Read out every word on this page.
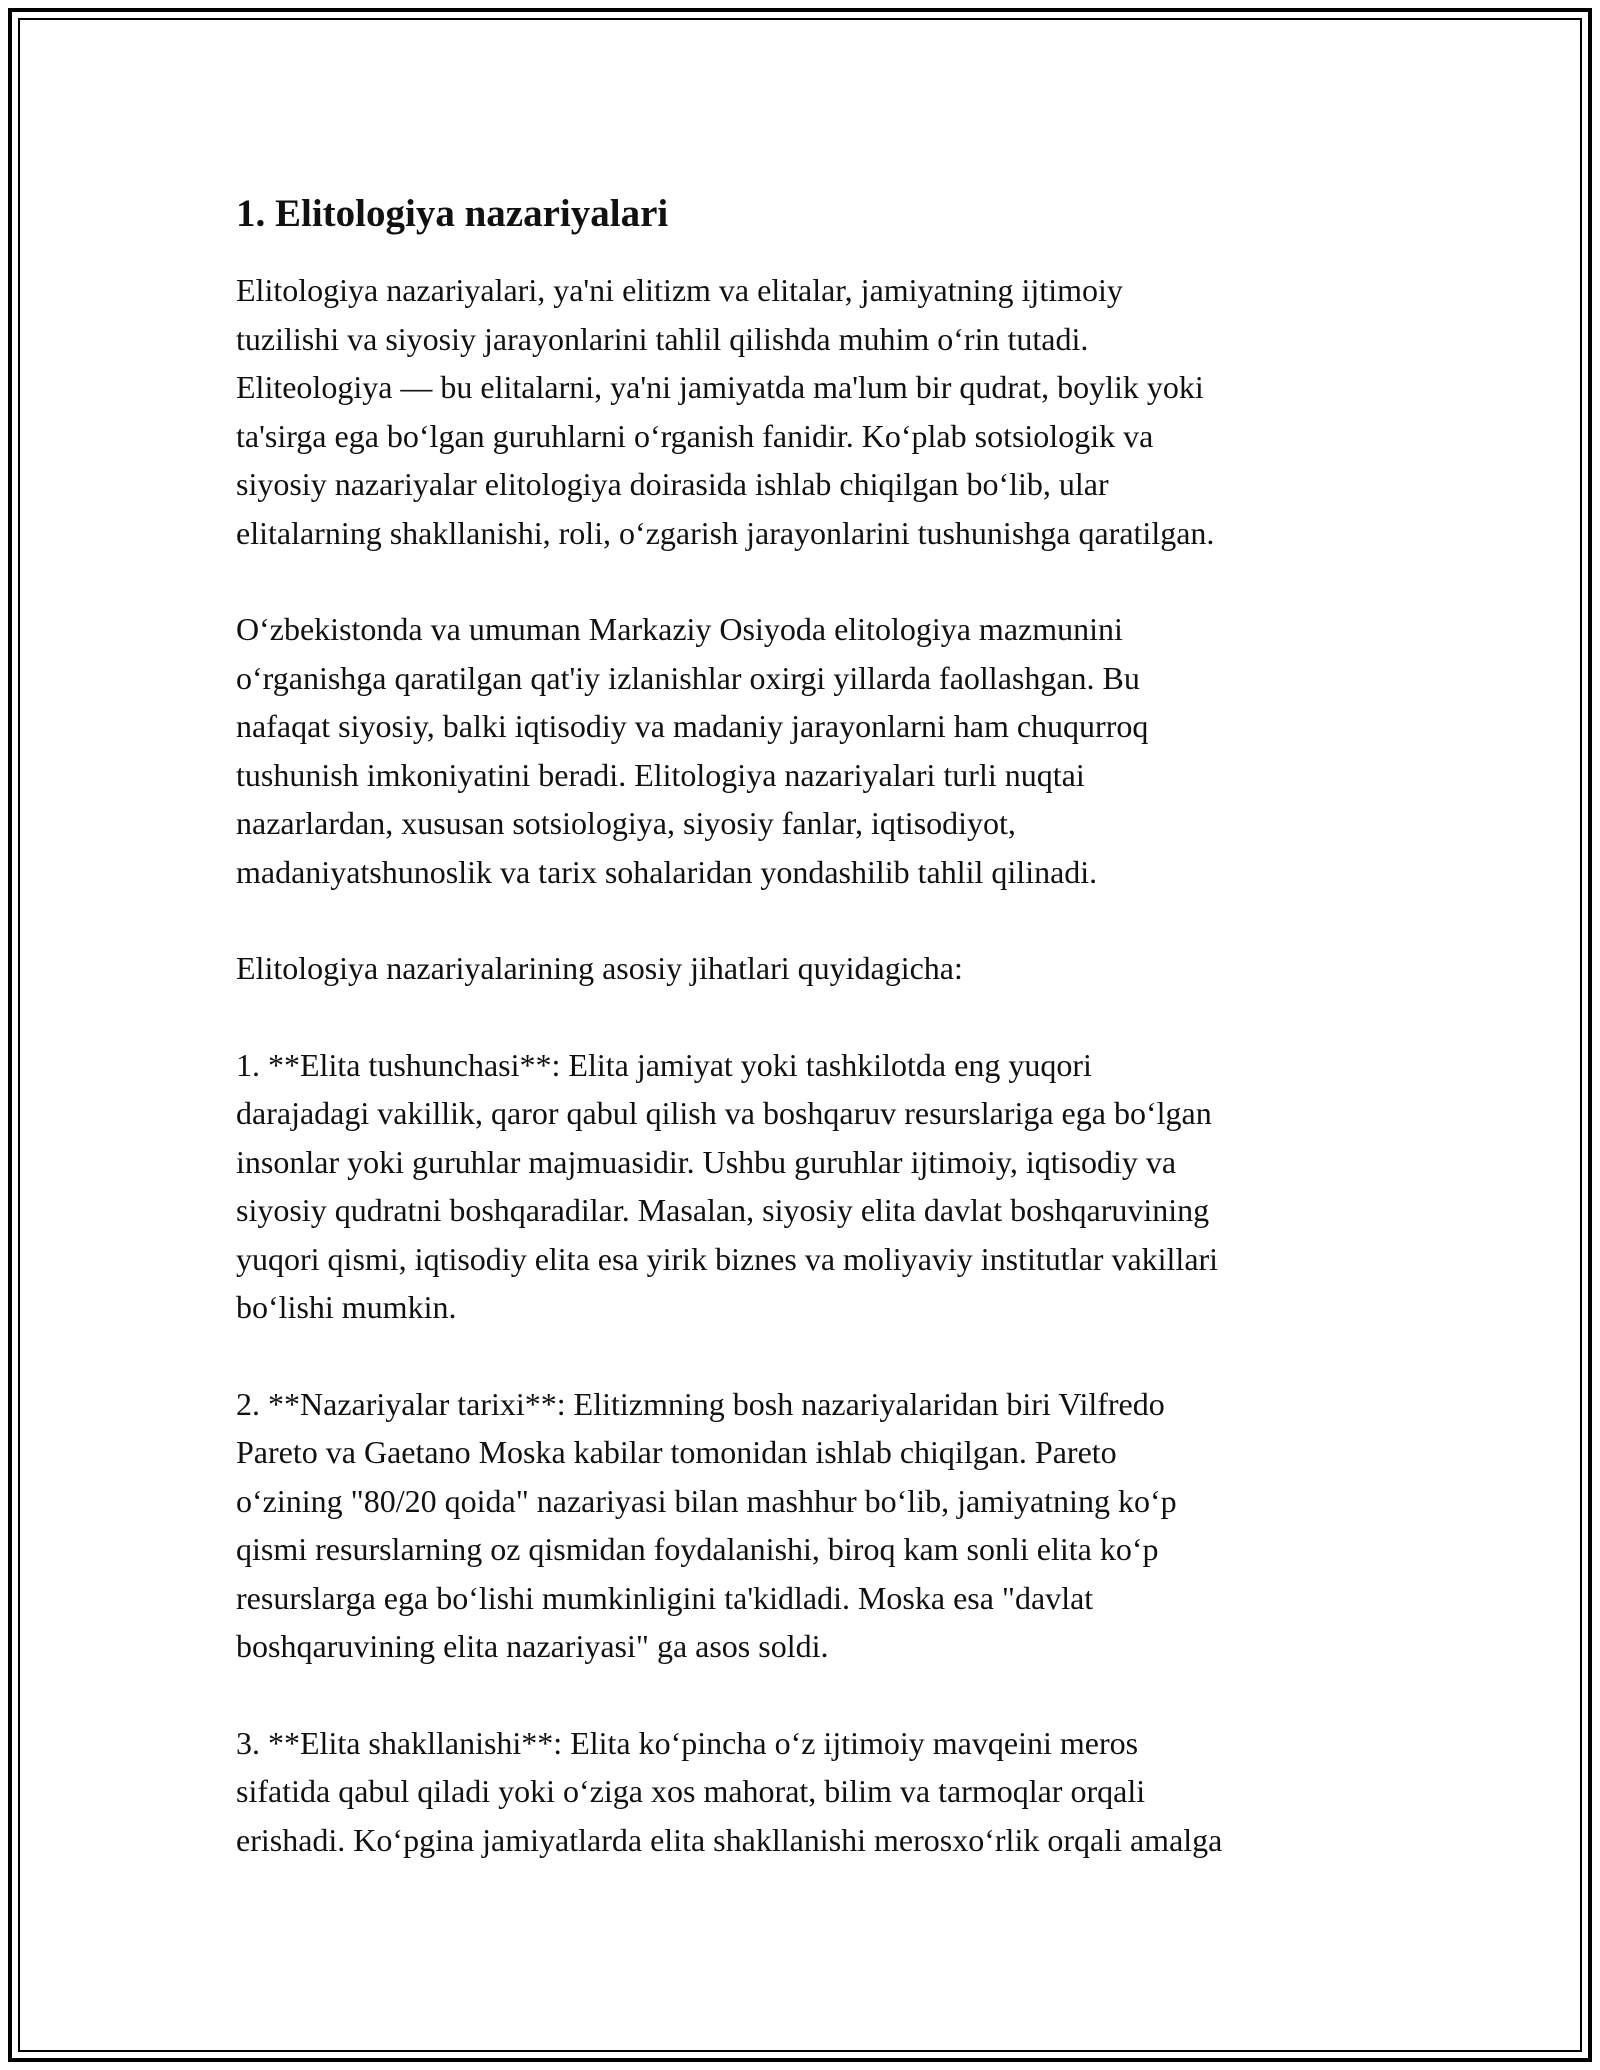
1. Elitologiya nazariyalari

Elitologiya nazariyalari, ya'ni elitizm va elitalar, jamiyatning ijtimoiy
tuzilishi va siyosiy jarayonlarini tahlil qilishda muhim o‘rin tutadi.
Eliteologiya — bu elitalarni, ya'ni jamiyatda ma'lum bir qudrat, boylik yoki
ta'sirga ega bo‘lgan guruhlarni o‘rganish fanidir. Ko‘plab sotsiologik va
siyosiy nazariyalar elitologiya doirasida ishlab chiqilgan bo‘lib, ular
elitalarning shakllanishi, roli, o‘zgarish jarayonlarini tushunishga qaratilgan.

O‘zbekistonda va umuman Markaziy Osiyoda elitologiya mazmunini
o‘rganishga qaratilgan qat'iy izlanishlar oxirgi yillarda faollashgan. Bu
nafaqat siyosiy, balki iqtisodiy va madaniy jarayonlarni ham chuqurroq
tushunish imkoniyatini beradi. Elitologiya nazariyalari turli nuqtai
nazarlardan, xususan sotsiologiya, siyosiy fanlar, iqtisodiyot,
madaniyatshunoslik va tarix sohalaridan yondashilib tahlil qilinadi.

Elitologiya nazariyalarining asosiy jihatlari quyidagicha:

1. **Elita tushunchasi**: Elita jamiyat yoki tashkilotda eng yuqori
darajadagi vakillik, qaror qabul qilish va boshqaruv resurslariga ega bo‘lgan
insonlar yoki guruhlar majmuasidir. Ushbu guruhlar ijtimoiy, iqtisodiy va
siyosiy qudratni boshqaradilar. Masalan, siyosiy elita davlat boshqaruvining
yuqori qismi, iqtisodiy elita esa yirik biznes va moliyaviy institutlar vakillari
bo‘lishi mumkin.

2. **Nazariyalar tarixi**: Elitizmning bosh nazariyalaridan biri Vilfredo
Pareto va Gaetano Moska kabilar tomonidan ishlab chiqilgan. Pareto
o‘zining "80/20 qoida" nazariyasi bilan mashhur bo‘lib, jamiyatning ko‘p
qismi resurslarning oz qismidan foydalanishi, biroq kam sonli elita ko‘p
resurslarga ega bo‘lishi mumkinligini ta'kidladi. Moska esa "davlat
boshqaruvining elita nazariyasi" ga asos soldi.

3. **Elita shakllanishi**: Elita ko‘pincha o‘z ijtimoiy mavqeini meros
sifatida qabul qiladi yoki o‘ziga xos mahorat, bilim va tarmoqlar orqali
erishadi. Ko‘pgina jamiyatlarda elita shakllanishi merosxo‘rlik orqali amalga
